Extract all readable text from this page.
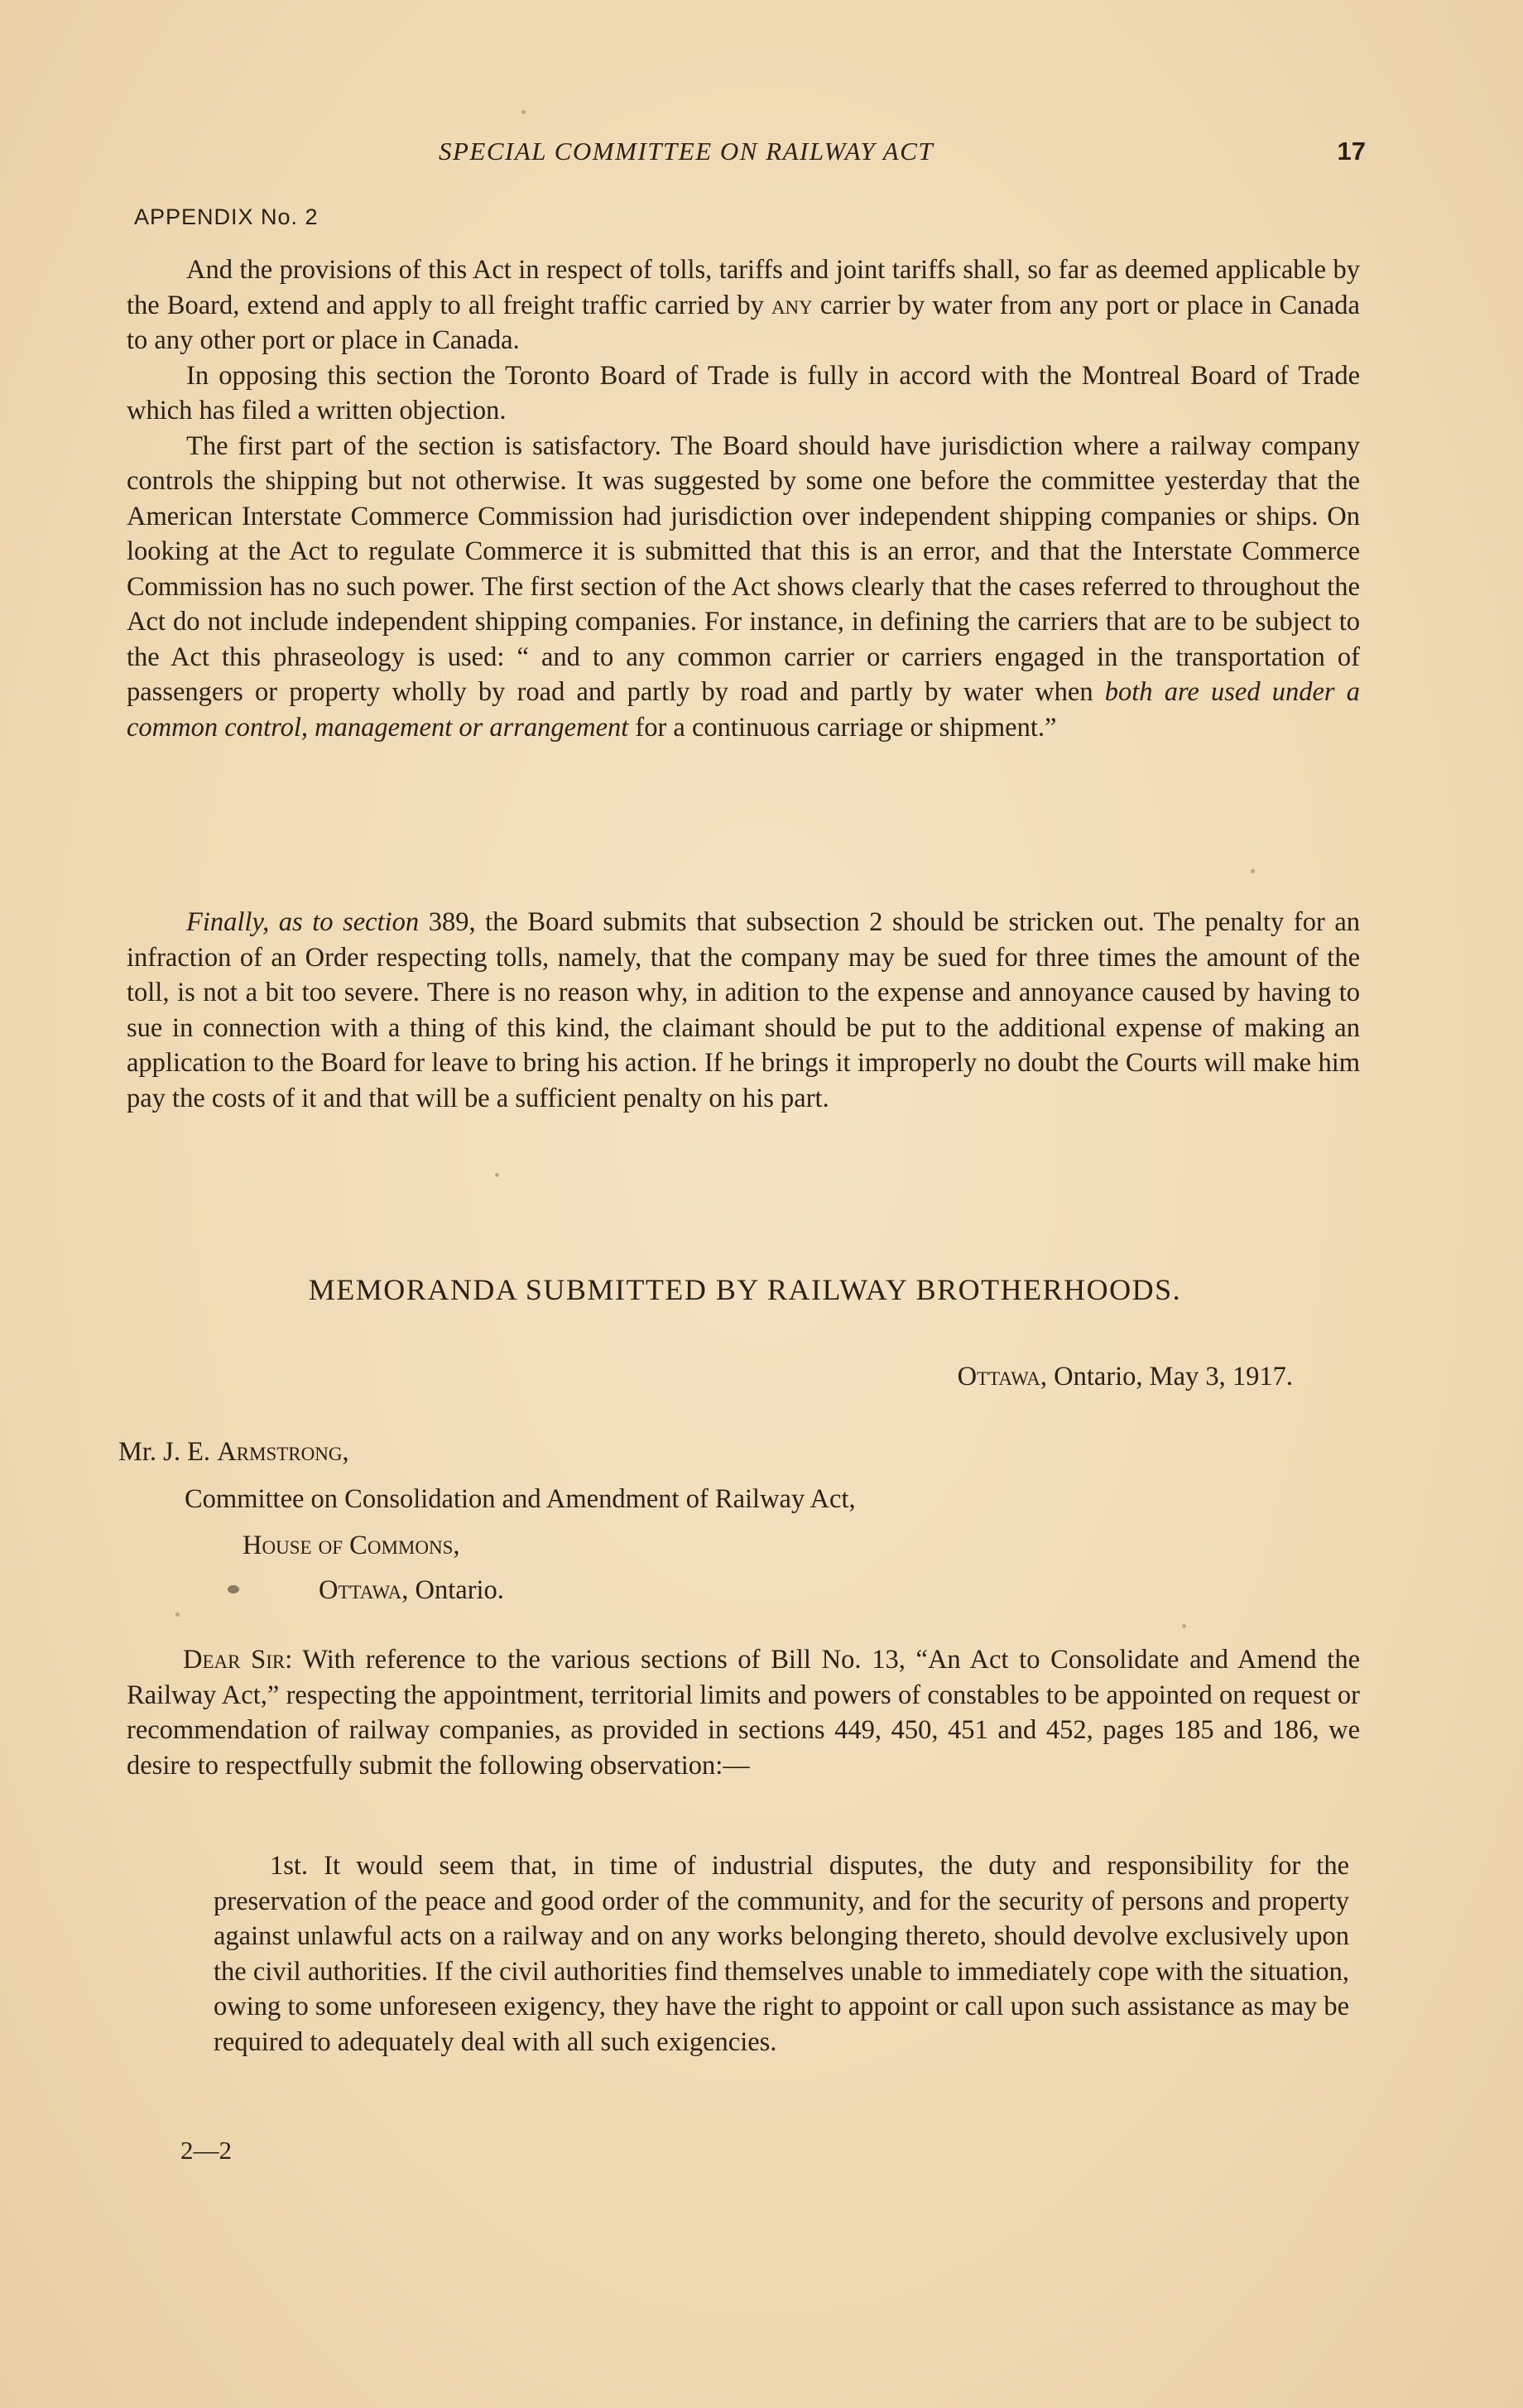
SPECIAL COMMITTEE ON RAILWAY ACT	17
APPENDIX No. 2

And the provisions of this Act in respect of tolls, tariffs and joint tariffs shall, so far as deemed applicable by the Board, extend and apply to all freight traffic carried by any carrier by water from any port or place in Canada to any other port or place in Canada.

In opposing this section the Toronto Board of Trade is fully in accord with the Montreal Board of Trade which has filed a written objection.

The first part of the section is satisfactory. The Board should have jurisdiction where a railway company controls the shipping but not otherwise. It was suggested by some one before the committee yesterday that the American Interstate Commerce Commission had jurisdiction over independent shipping companies or ships. On looking at the Act to regulate Commerce it is submitted that this is an error, and that the Interstate Commerce Commission has no such power. The first section of the Act shows clearly that the cases referred to throughout the Act do not include independent shipping companies. For instance, in defining the carriers that are to be subject to the Act this phraseology is used: “ and to any common carrier or carriers engaged in the transportation of passengers or property wholly by road and partly by road and partly by water when both are used under a common control, management or arrangement for a continuous carriage or shipment.”

Finally, as to section 389, the Board submits that subsection 2 should be stricken out. The penalty for an infraction of an Order respecting tolls, namely, that the company may be sued for three times the amount of the toll, is not a bit too severe. There is no reason why, in adition to the expense and annoyance caused by having to sue in connection with a thing of this kind, the claimant should be put to the additional expense of making an application to the Board for leave to bring his action. If he brings it improperly no doubt the Courts will make him pay the costs of it and that will be a sufficient penalty on his part.

MEMORANDA SUBMITTED BY RAILWAY BROTHERHOODS.
Ottawa, Ontario, May 3, 1917.
Mr. J. E. Armstrong,
Committee on Consolidation and Amendment of Railway Act,
House of Commons,
Ottawa, Ontario.

Dear Sir: With reference to the various sections of Bill No. 13, “An Act to Consolidate and Amend the Railway Act,” respecting the appointment, territorial limits and powers of constables to be appointed on request or recommendation of railway companies, as provided in sections 449, 450, 451 and 452, pages 185 and 186, we desire to respectfully submit the following observation:—

1st. It would seem that, in time of industrial disputes, the duty and responsibility for the preservation of the peace and good order of the community, and for the security of persons and property against unlawful acts on a railway and on any works belonging thereto, should devolve exclusively upon the civil authorities. If the civil authorities find themselves unable to immediately cope with the situation, owing to some unforeseen exigency, they have the right to appoint or call upon such assistance as may be required to adequately deal with all such exigencies.

2—2
